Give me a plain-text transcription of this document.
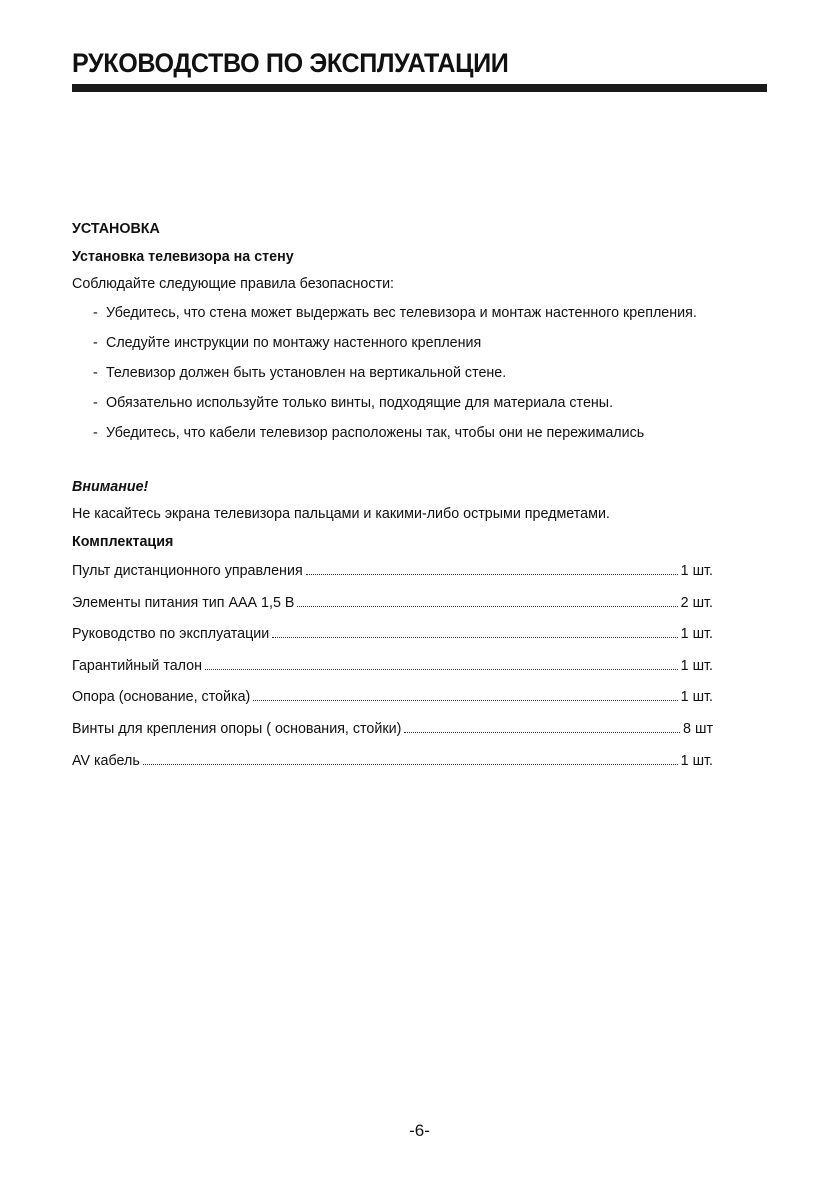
РУКОВОДСТВО ПО ЭКСПЛУАТАЦИИ
УСТАНОВКА
Установка телевизора на стену

Соблюдайте следующие правила безопасности:

- Убедитесь, что стена может выдержать вес телевизора и монтаж настенного крепления.
- Следуйте инструкции по монтажу настенного крепления
- Телевизор должен быть установлен на вертикальной стене.
- Обязательно используйте только винты, подходящие для материала стены.
- Убедитесь, что кабели телевизор расположены так, чтобы они не пережимались
Внимание!

Не касайтесь экрана телевизора пальцами и какими-либо острыми предметами.

Комплектация
Пульт дистанционного управления	1 шт.
Элементы питания тип ААА 1,5 В	2 шт.
Руководство по эксплуатации	1 шт.
Гарантийный талон	1 шт.
Опора (основание, стойка)	1 шт.
Винты для крепления опоры ( основания, стойки)	8 шт
AV кабель	1 шт.
-6-
